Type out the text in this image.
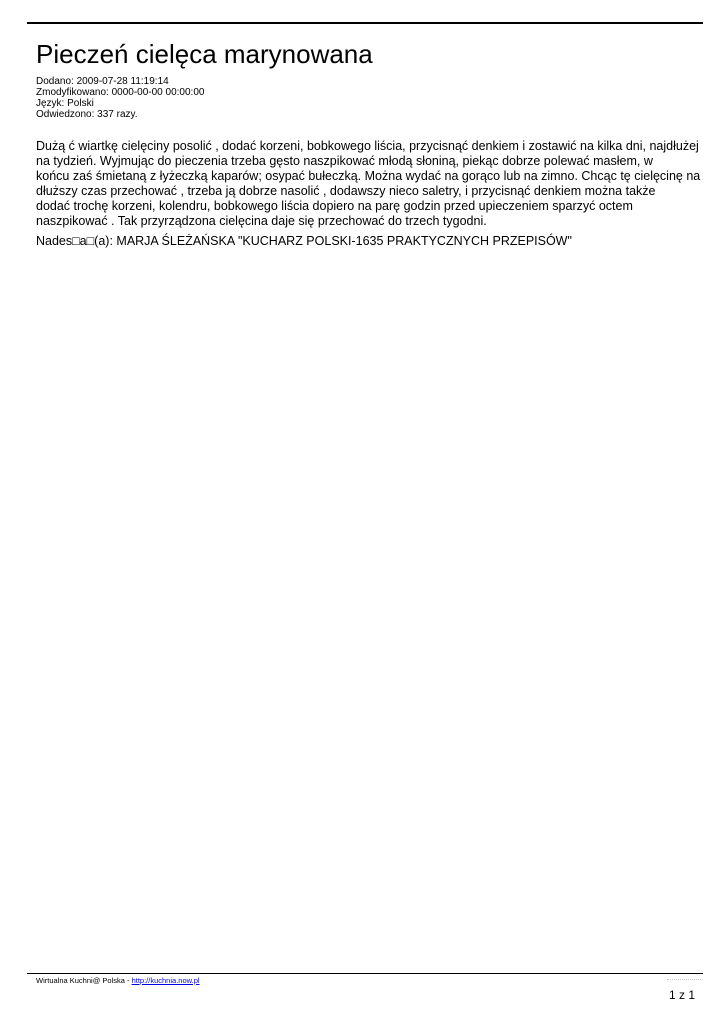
Pieczeń cielęca marynowana
Dodano: 2009-07-28 11:19:14
Zmodyfikowano: 0000-00-00 00:00:00
Język: Polski
Odwiedzono: 337 razy.

Dużą ć wiartkę cielęciny posolić , dodać korzeni, bobkowego liścia, przycisnąć denkiem i zostawić na kilka dni, najdłużej
na tydzień. Wyjmując do pieczenia trzeba gęsto naszpikować młodą słoniną, piekąc dobrze polewać masłem, w
końcu zaś śmietaną z łyżeczką kaparów; osypać bułeczką. Można wydać na gorąco lub na zimno. Chcąc tę cielęcinę na
dłuższy czas przechować , trzeba ją dobrze nasolić , dodawszy nieco saletry, i przycisnąć denkiem można także
dodać trochę korzeni, kolendru, bobkowego liścia dopiero na parę godzin przed upieczeniem sparzyć octem
naszpikować . Tak przyrządzona cielęcina daje się przechować do trzech tygodni.

Nades□a□(a): MARJA ŚLEŻAŃSKA "KUCHARZ POLSKI-1635 PRAKTYCZNYCH PRZEPISÓW"
Wirtualna Kuchni@ Polska - http://kuchnia.now.pl
1 z 1
